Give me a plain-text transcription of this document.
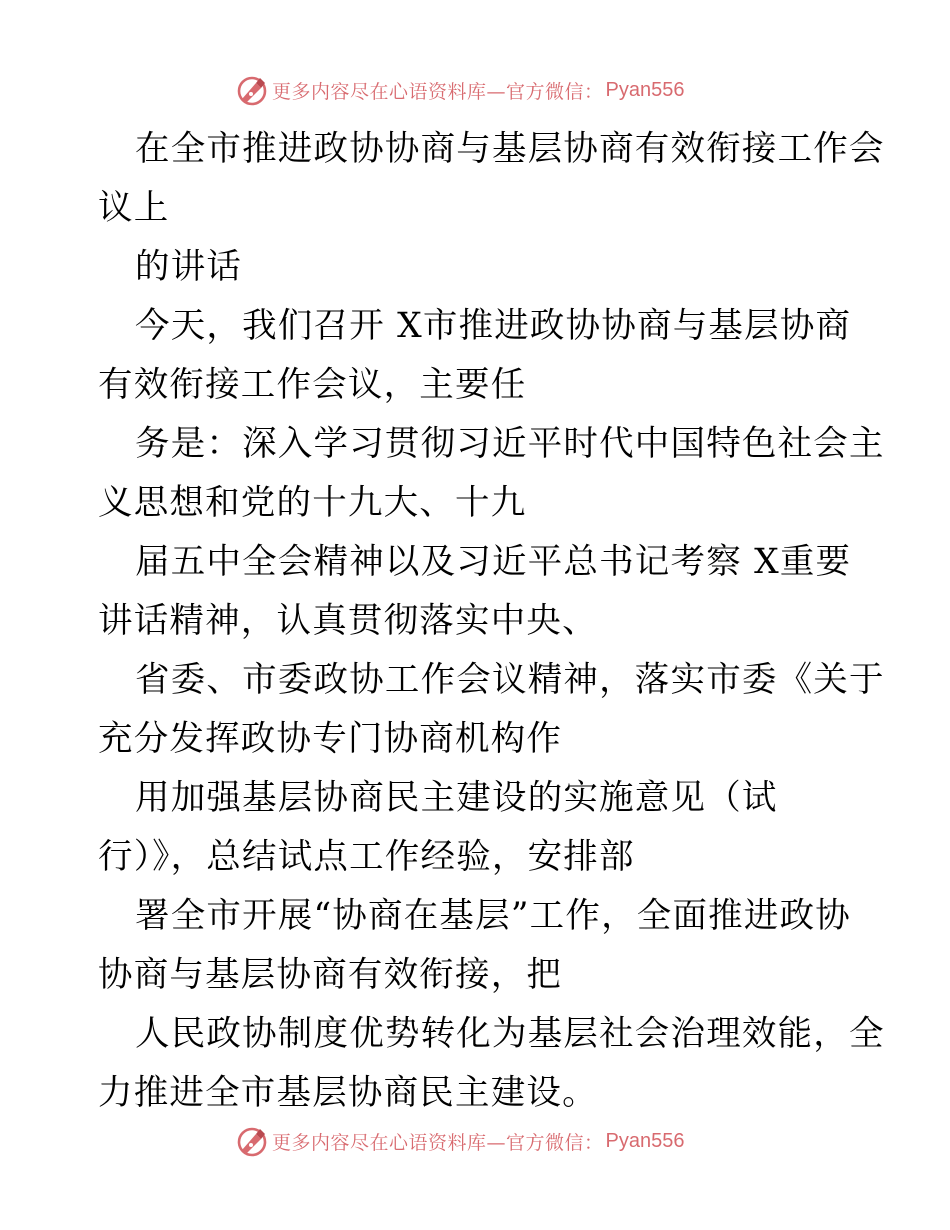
更多内容尽在心语资料库—官方微信： Pyan556
在全市推进政协协商与基层协商有效衔接工作会
议上
的讲话
今天，我们召开 X市推进政协协商与基层协商
有效衔接工作会议，主要任
务是：深入学习贯彻习近平时代中国特色社会主
义思想和党的十九大、十九
届五中全会精神以及习近平总书记考察 X重要
讲话精神，认真贯彻落实中央、
省委、市委政协工作会议精神，落实市委《关于
充分发挥政协专门协商机构作
用加强基层协商民主建设的实施意见（试
行）》，总结试点工作经验，安排部
署全市开展“协商在基层”工作，全面推进政协
协商与基层协商有效衔接，把
人民政协制度优势转化为基层社会治理效能，全
力推进全市基层协商民主建设。
更多内容尽在心语资料库—官方微信： Pyan556
